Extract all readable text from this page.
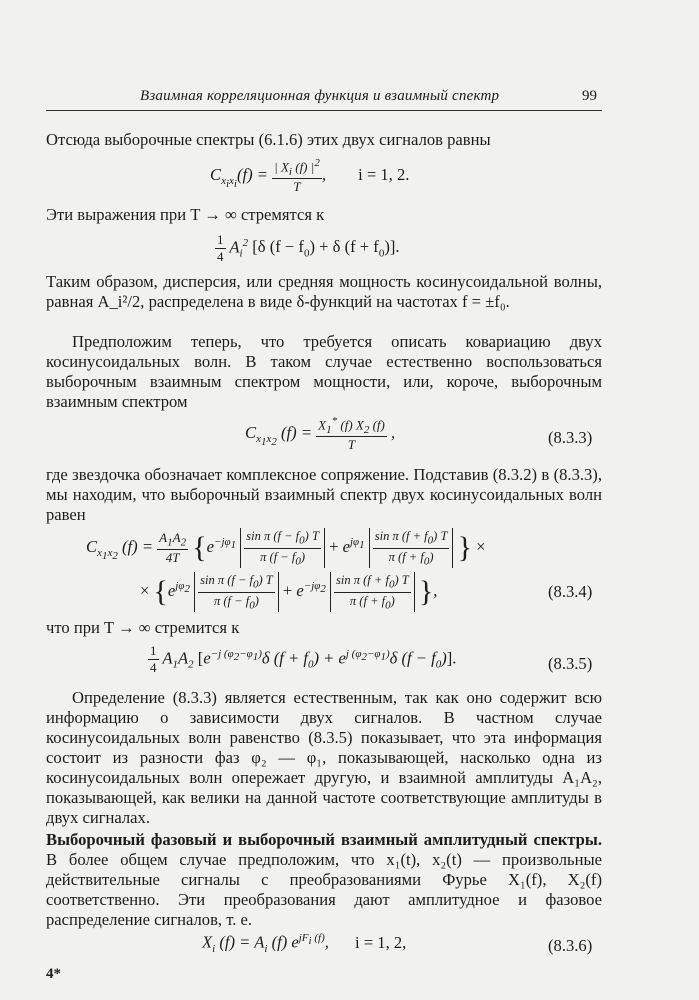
Взаимная корреляционная функция и взаимный спектр	99
Отсюда выборочные спектры (6.1.6) этих двух сигналов равны
$C_{x_ix_i}(f) = \frac{| X_i (f) |^2}{T}$ , i = 1, 2.
Эти выражения при T → ∞ стремятся к
$\frac{1}{4} A_i^2$ [δ $(f - f_0) + \delta$ $(f + f_0)$].
Таким образом, дисперсия, или средняя мощность косинусоидальной волны, равная A_i²/2, распределена в виде δ-функций на частотах f = ±f₀.
Предположим теперь, что требуется описать ковариацию двух косинусоидальных волн. В таком случае естественно воспользоваться выборочным взаимным спектром мощности, или, короче, выборочным взаимным спектром
$C_{x_1x_2}$ $(f) = \frac{X_1^* (f) X_2 (f)}{T}$ ,	(8.3.3)
где звездочка обозначает комплексное сопряжение. Подставив (8.3.2) в (8.3.3), мы находим, что выборочный взаимный спектр двух косинусоидальных волн равен
$C_{x_1x_2}$ $(f) = \frac{A_1A_2}{4T} \{e^{-j\varphi_1} \frac{\sin \pi (f - f_0) T}{\pi (f - f_0)} + e^{j\varphi_1} \frac{\sin \pi (f + f_0) T}{\pi (f + f_0)}$ } ×
× {$e^{j\varphi_2} \frac{\sin \pi (f - f_0) T}{\pi (f - f_0)} + e^{-j\varphi_2} \frac{\sin \pi (f + f_0) T}{\pi (f + f_0)}$ },	(8.3.4)
что при T → ∞ стремится к
$\frac{1}{4} A_1A_2$ [$e^{-j (\varphi_2-\varphi_1)}\delta$ $(f + f_0) + e^{j (\varphi_2-\varphi_1)}\delta$ $(f - f_0)$].	(8.3.5)
Определение (8.3.3) является естественным, так как оно содержит всю информацию о зависимости двух сигналов. В частном случае косинусоидальных волн равенство (8.3.5) показывает, что эта информация состоит из разности фаз φ₂ — φ₁, показывающей, насколько одна из косинусоидальных волн опережает другую, и взаимной амплитуды A₁A₂, показывающей, как велики на данной частоте соответствующие амплитуды в двух сигналах.
Выборочный фазовый и выборочный взаимный амплитудный спектры. В более общем случае предположим, что x₁(t), x₂(t) — произвольные действительные сигналы с преобразованиями Фурье X₁(f), X₂(f) соответственно. Эти преобразования дают амплитудное и фазовое распределение сигналов, т. е.
$X_i$ $(f) = A_i$ (f) $e^{jF_i (f)}$, i = 1, 2,	(8.3.6)
4*
